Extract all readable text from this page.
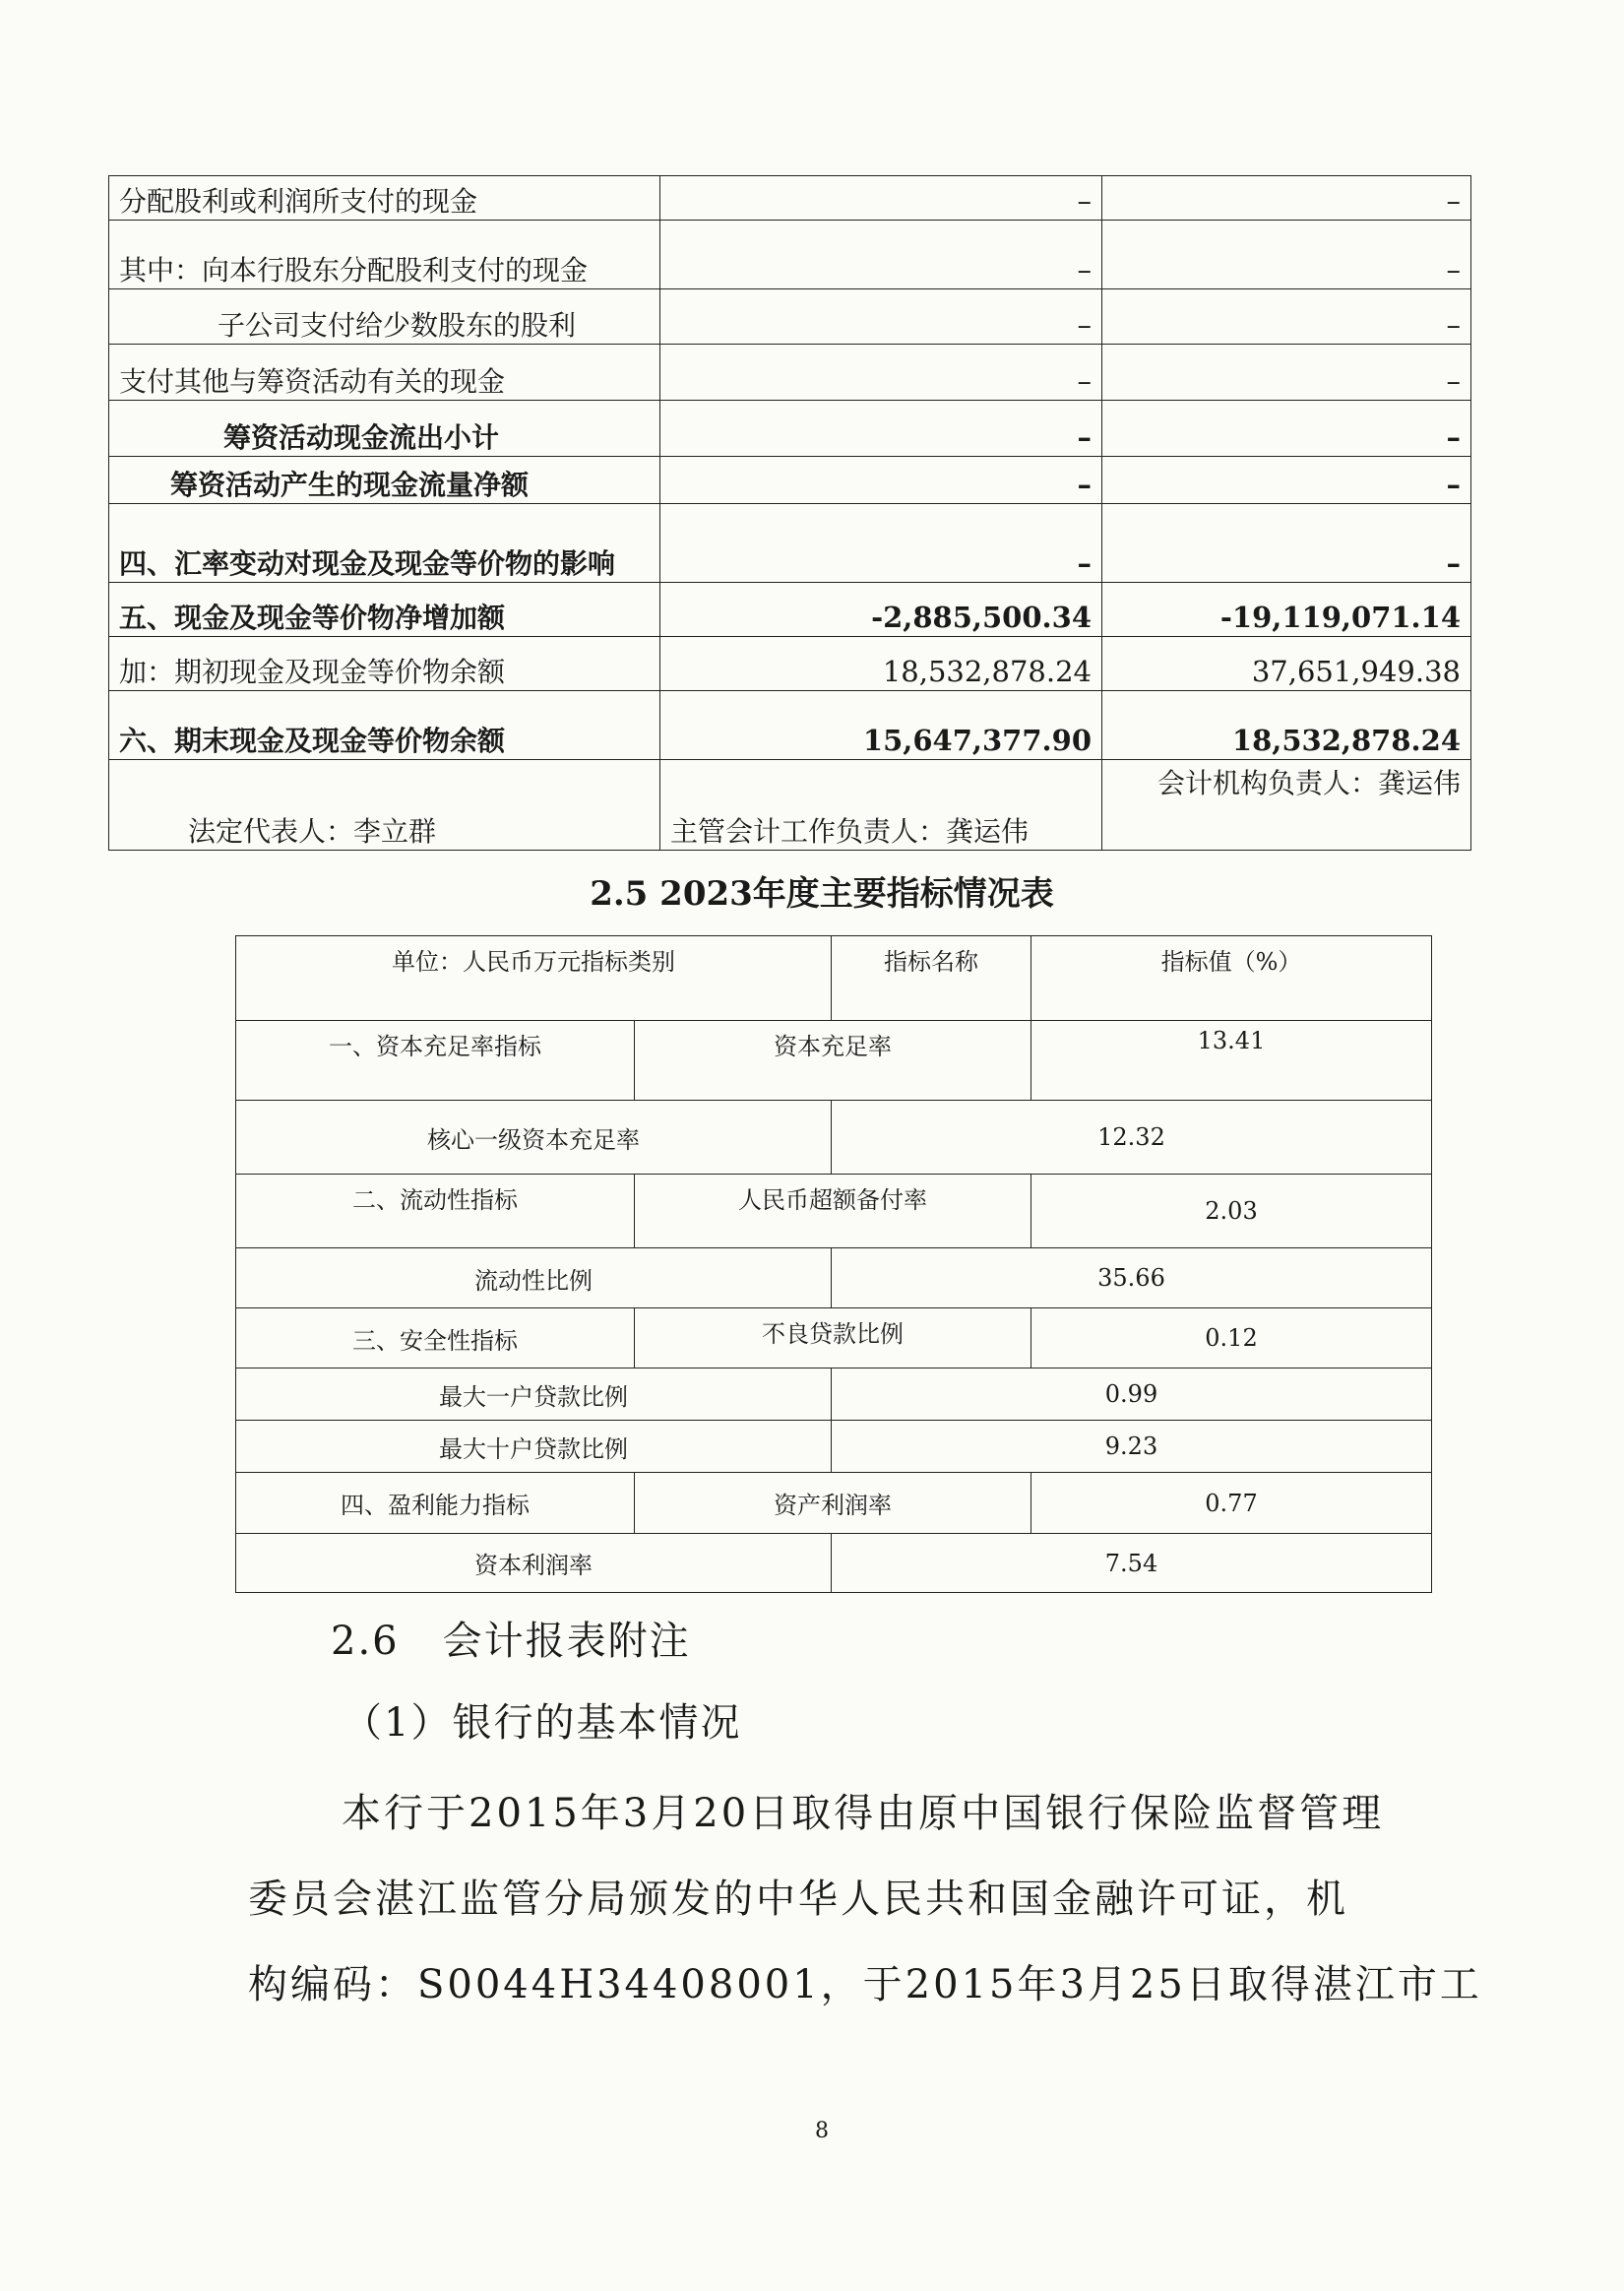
分配股利或利润所支付的现金	–	–
其中：向本行股东分配股利支付的现金	–	–
子公司支付给少数股东的股利	–	–
支付其他与筹资活动有关的现金	–	–
筹资活动现金流出小计	–	–
筹资活动产生的现金流量净额	–	–
四、汇率变动对现金及现金等价物的影响	–	–
五、现金及现金等价物净增加额	-2,885,500.34	-19,119,071.14
加：期初现金及现金等价物余额	18,532,878.24	37,651,949.38
六、期末现金及现金等价物余额	15,647,377.90	18,532,878.24
法定代表人：李立群	主管会计工作负责人：龚运伟	会计机构负责人：龚运伟
2.5 2023年度主要指标情况表
单位：人民币万元指标类别		指标名称	指标值（%）
一、资本充足率指标	资本充足率		13.41
核心一级资本充足率		12.32	
二、流动性指标	人民币超额备付率		2.03
流动性比例		35.66	
三、安全性指标	不良贷款比例		0.12
最大一户贷款比例		0.99	
最大十户贷款比例		9.23	
四、盈利能力指标	资产利润率		0.77
资本利润率		7.54	
2.6 会计报表附注
（1）银行的基本情况
本行于2015年3月20日取得由原中国银行保险监督管理
委员会湛江监管分局颁发的中华人民共和国金融许可证，机
构编码：S0044H34408001，于2015年3月25日取得湛江市工
8
